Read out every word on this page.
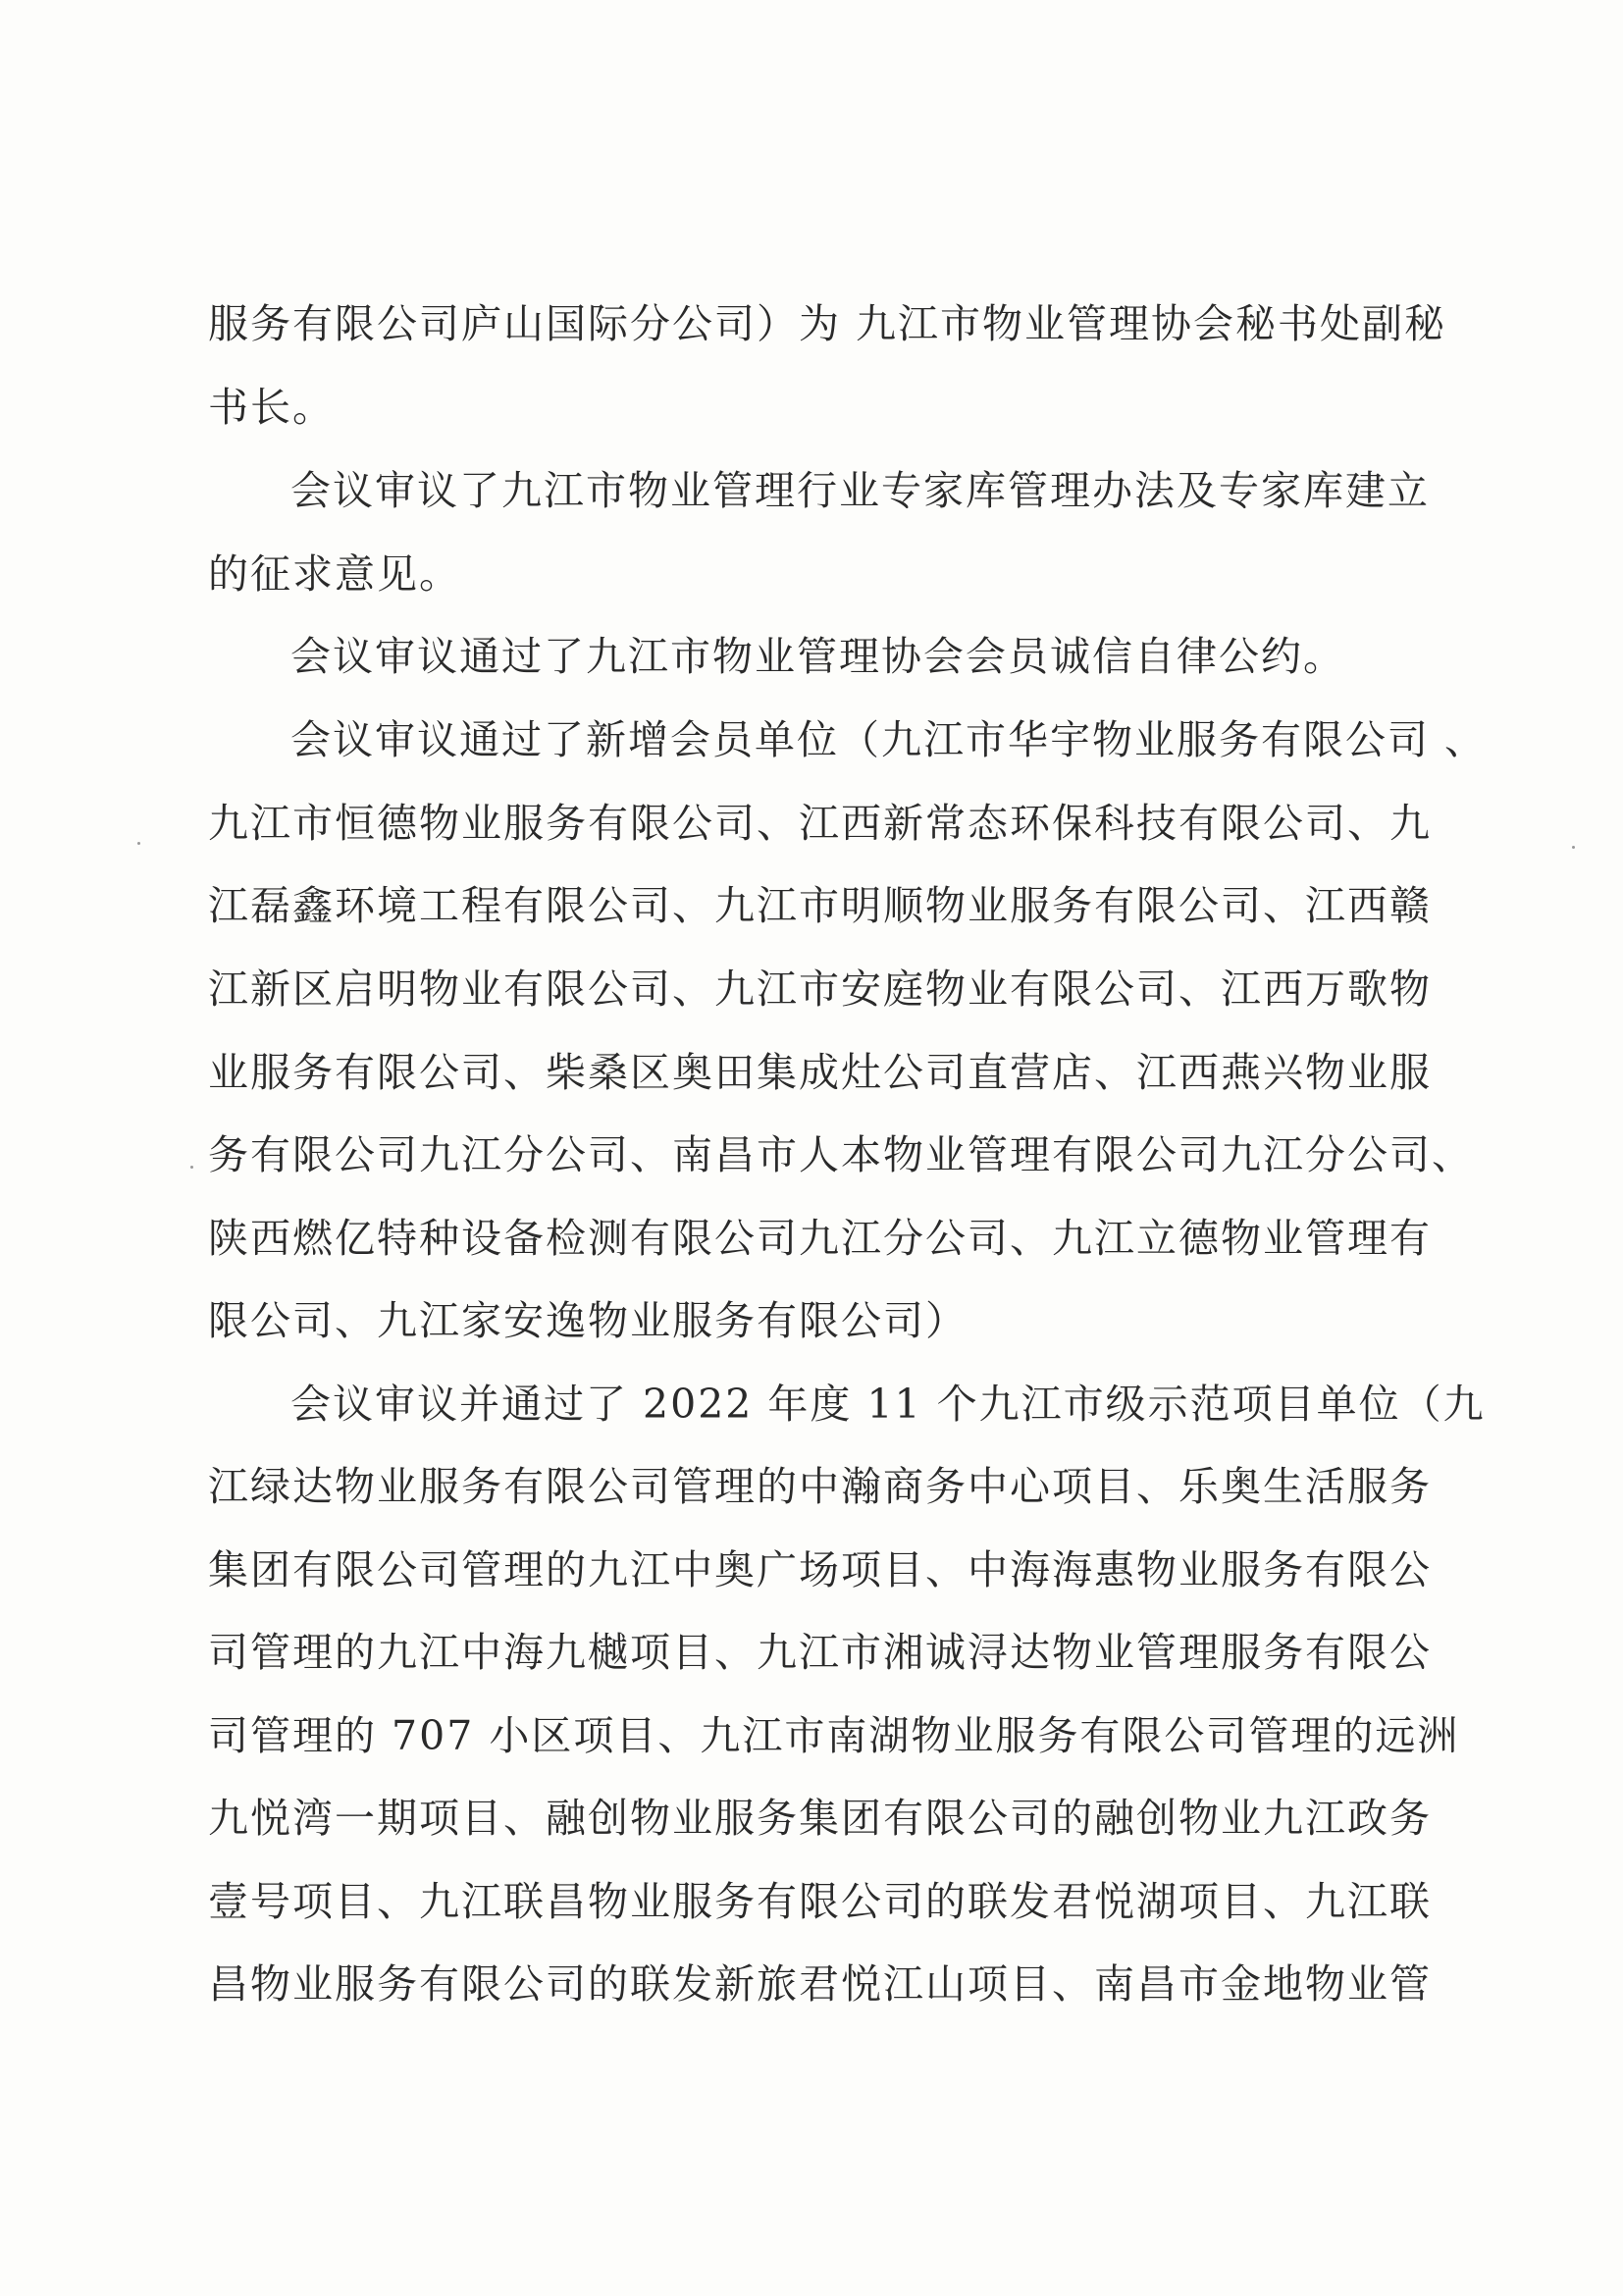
服务有限公司庐山国际分公司）为 九江市物业管理协会秘书处副秘

书长。

会议审议了九江市物业管理行业专家库管理办法及专家库建立

的征求意见。

会议审议通过了九江市物业管理协会会员诚信自律公约。

会议审议通过了新增会员单位（九江市华宇物业服务有限公司 、

九江市恒德物业服务有限公司、江西新常态环保科技有限公司、九

江磊鑫环境工程有限公司、九江市明顺物业服务有限公司、江西赣

江新区启明物业有限公司、九江市安庭物业有限公司、江西万歌物

业服务有限公司、柴桑区奥田集成灶公司直营店、江西燕兴物业服

务有限公司九江分公司、南昌市人本物业管理有限公司九江分公司、

陕西燃亿特种设备检测有限公司九江分公司、九江立德物业管理有

限公司、九江家安逸物业服务有限公司）

会议审议并通过了 2022 年度 11 个九江市级示范项目单位（九

江绿达物业服务有限公司管理的中瀚商务中心项目、乐奥生活服务

集团有限公司管理的九江中奥广场项目、中海海惠物业服务有限公

司管理的九江中海九樾项目、九江市湘诚浔达物业管理服务有限公

司管理的 707 小区项目、九江市南湖物业服务有限公司管理的远洲

九悦湾一期项目、融创物业服务集团有限公司的融创物业九江政务

壹号项目、九江联昌物业服务有限公司的联发君悦湖项目、九江联

昌物业服务有限公司的联发新旅君悦江山项目、南昌市金地物业管
